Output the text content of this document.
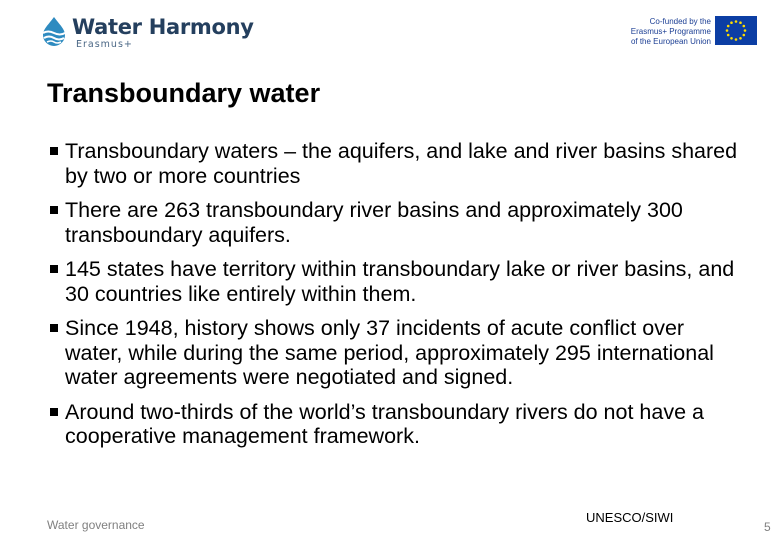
Water Harmony
Erasmus+
Co-funded by the
Erasmus+ Programme
of the European Union
Transboundary water
Transboundary waters – the aquifers, and lake and river basins shared by two or more countries
There are 263 transboundary river basins and approximately 300 transboundary aquifers.
145 states have territory within transboundary lake or river basins, and 30 countries like entirely within them.
Since 1948, history shows only 37 incidents of acute conflict over water, while during the same period, approximately 295 international water agreements were negotiated and signed.
Around two-thirds of the world’s transboundary rivers do not have a cooperative management framework.
Water governance	UNESCO/SIWI
5
